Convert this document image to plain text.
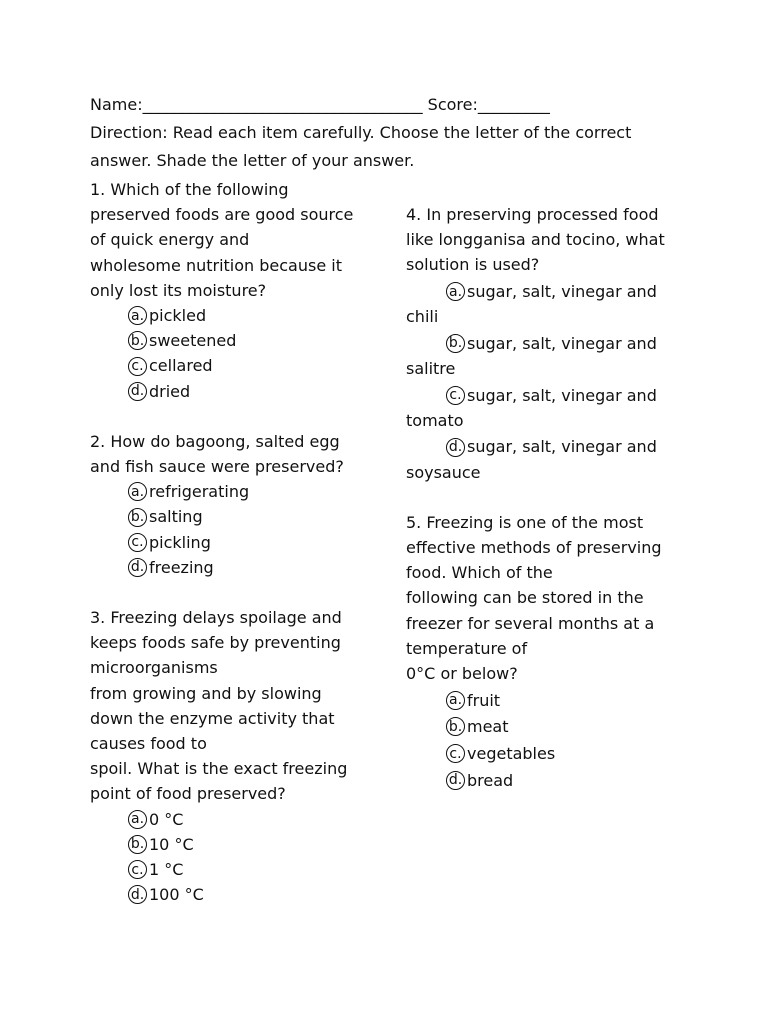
Name:___________________________________ Score:_________
Direction: Read each item carefully. Choose the letter of the correct
answer. Shade the letter of your answer.
1. Which of the following
preserved foods are good source
of quick energy and
wholesome nutrition because it
only lost its moisture?
a. pickled
b. sweetened
c. cellared
d. dried
2. How do bagoong, salted egg
and fish sauce were preserved?
a. refrigerating
b. salting
c. pickling
d. freezing
3. Freezing delays spoilage and
keeps foods safe by preventing
microorganisms
from growing and by slowing
down the enzyme activity that
causes food to
spoil. What is the exact freezing
point of food preserved?
a. 0 °C
b. 10 °C
c. 1 °C
d. 100 °C
4. In preserving processed food
like longganisa and tocino, what
solution is used?
a. sugar, salt, vinegar and
chili
b. sugar, salt, vinegar and
salitre
c. sugar, salt, vinegar and
tomato
d. sugar, salt, vinegar and
soysauce
5. Freezing is one of the most
effective methods of preserving
food. Which of the
following can be stored in the
freezer for several months at a
temperature of
0°C or below?
a. fruit
b. meat
c. vegetables
d. bread
